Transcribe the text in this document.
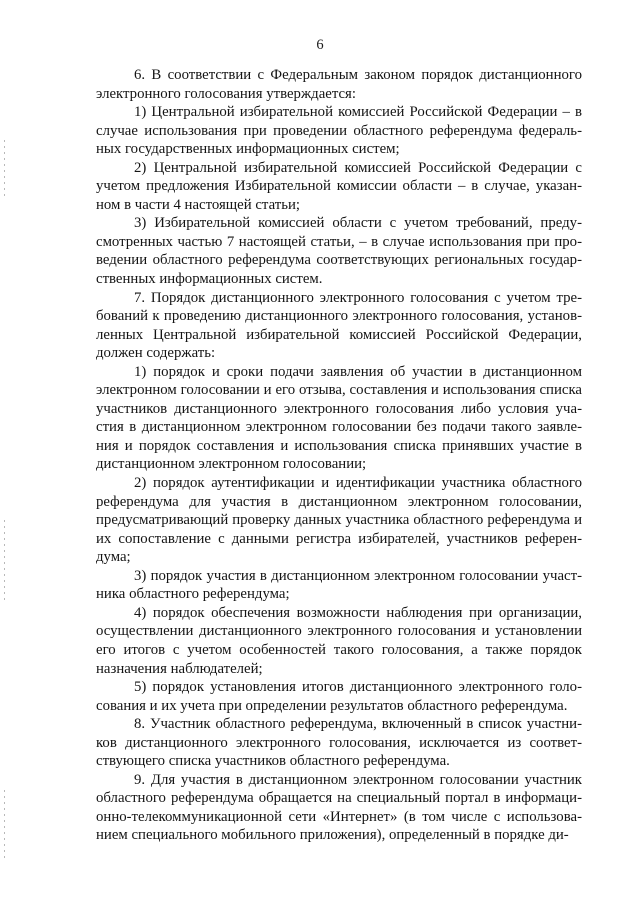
6

6. В соответствии с Федеральным законом порядок дистанционного электронного голосования утверждается:

1) Центральной избирательной комиссией Российской Федерации – в случае использования при проведении областного референдума федеральных государственных информационных систем;

2) Центральной избирательной комиссией Российской Федерации с учетом предложения Избирательной комиссии области – в случае, указанном в части 4 настоящей статьи;

3) Избирательной комиссией области с учетом требований, предусмотренных частью 7 настоящей статьи, – в случае использования при проведении областного референдума соответствующих региональных государственных информационных систем.

7. Порядок дистанционного электронного голосования с учетом требований к проведению дистанционного электронного голосования, установленных Центральной избирательной комиссией Российской Федерации, должен содержать:

1) порядок и сроки подачи заявления об участии в дистанционном электронном голосовании и его отзыва, составления и использования списка участников дистанционного электронного голосования либо условия участия в дистанционном электронном голосовании без подачи такого заявления и порядок составления и использования списка принявших участие в дистанционном электронном голосовании;

2) порядок аутентификации и идентификации участника областного референдума для участия в дистанционном электронном голосовании, предусматривающий проверку данных участника областного референдума и их сопоставление с данными регистра избирателей, участников референдума;

3) порядок участия в дистанционном электронном голосовании участника областного референдума;

4) порядок обеспечения возможности наблюдения при организации, осуществлении дистанционного электронного голосования и установлении его итогов с учетом особенностей такого голосования, а также порядок назначения наблюдателей;

5) порядок установления итогов дистанционного электронного голосования и их учета при определении результатов областного референдума.

8. Участник областного референдума, включенный в список участников дистанционного электронного голосования, исключается из соответствующего списка участников областного референдума.

9. Для участия в дистанционном электронном голосовании участник областного референдума обращается на специальный портал в информационно-телекоммуникационной сети «Интернет» (в том числе с использованием специального мобильного приложения), определенный в порядке ди-
